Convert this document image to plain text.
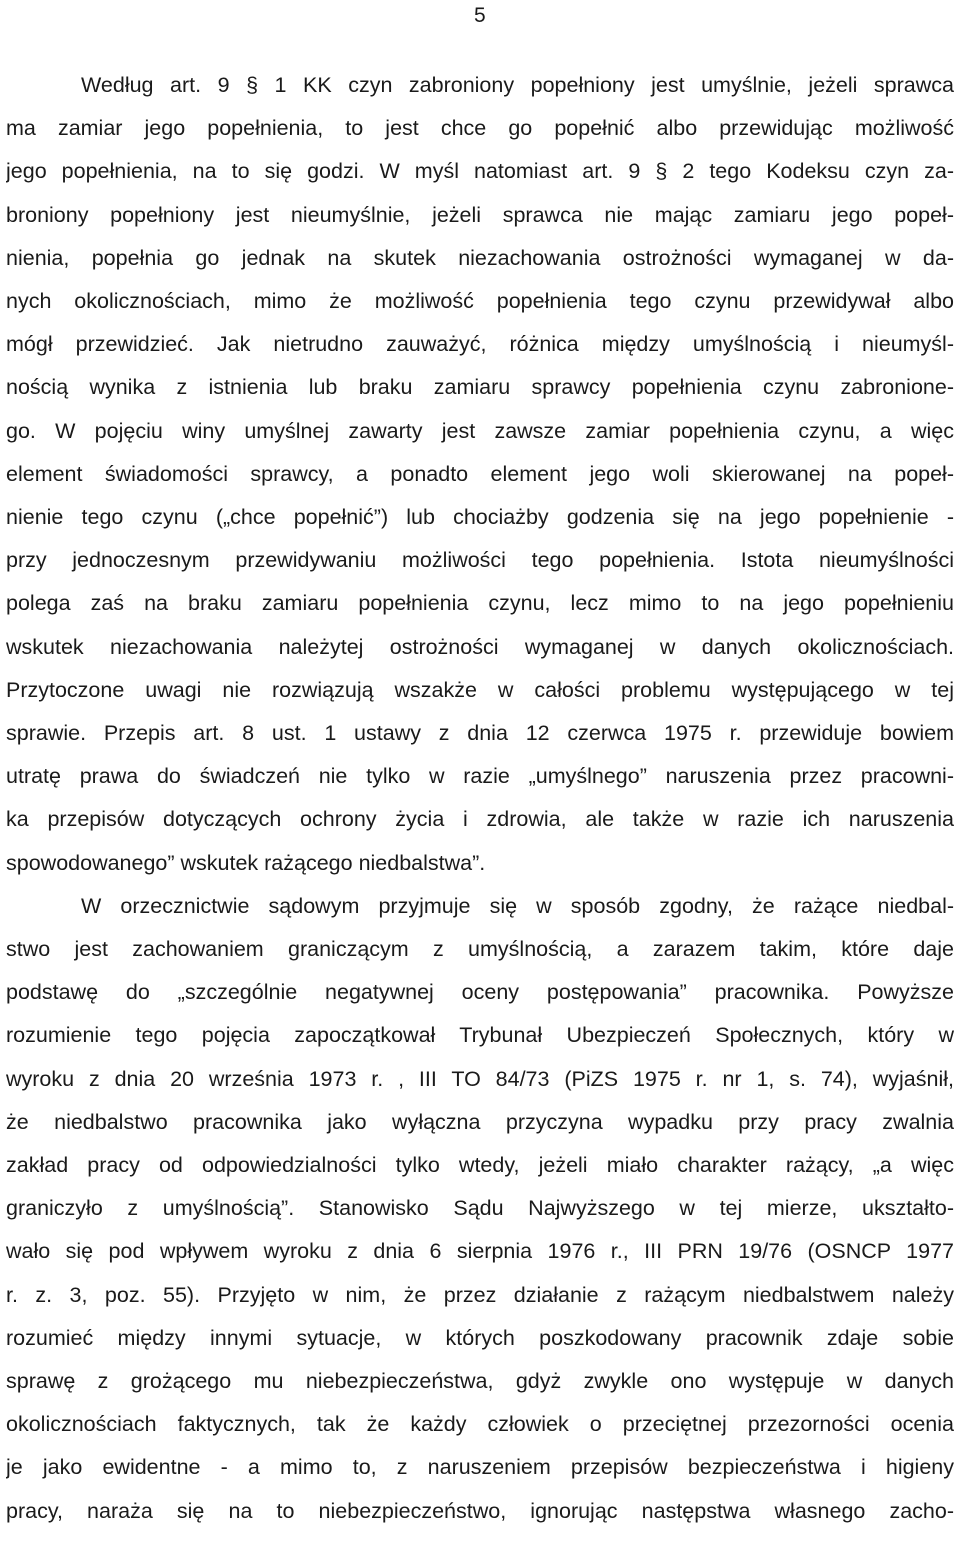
5
Według art. 9 § 1 KK czyn zabroniony popełniony jest umyślnie, jeżeli sprawca
ma zamiar jego popełnienia, to jest chce go popełnić albo przewidując możliwość
jego popełnienia, na to się godzi. W myśl natomiast art. 9 § 2 tego Kodeksu czyn za-
broniony popełniony jest nieumyślnie, jeżeli sprawca nie mając zamiaru jego popeł-
nienia, popełnia go jednak na skutek niezachowania ostrożności wymaganej w da-
nych okolicznościach, mimo że możliwość popełnienia tego czynu przewidywał albo
mógł przewidzieć. Jak nietrudno zauważyć, różnica między umyślnością i nieumyśl-
nością wynika z istnienia lub braku zamiaru sprawcy popełnienia czynu zabronione-
go. W pojęciu winy umyślnej zawarty jest zawsze zamiar popełnienia czynu, a więc
element świadomości sprawcy, a ponadto element jego woli skierowanej na popeł-
nienie tego czynu („chce popełnić”) lub chociażby godzenia się na jego popełnienie -
przy jednoczesnym przewidywaniu możliwości tego popełnienia. Istota nieumyślności
polega zaś na braku zamiaru popełnienia czynu, lecz mimo to na jego popełnieniu
wskutek niezachowania należytej ostrożności wymaganej w danych okolicznościach.
Przytoczone uwagi nie rozwiązują wszakże w całości problemu występującego w tej
sprawie. Przepis art. 8 ust. 1 ustawy z dnia 12 czerwca 1975 r. przewiduje bowiem
utratę prawa do świadczeń nie tylko w razie „umyślnego” naruszenia przez pracowni-
ka przepisów dotyczących ochrony życia i zdrowia, ale także w razie ich naruszenia
spowodowanego” wskutek rażącego niedbalstwa”.
W orzecznictwie sądowym przyjmuje się w sposób zgodny, że rażące niedbal-
stwo jest zachowaniem graniczącym z umyślnością, a zarazem takim, które daje
podstawę do „szczególnie negatywnej oceny postępowania” pracownika. Powyższe
rozumienie tego pojęcia zapoczątkował Trybunał Ubezpieczeń Społecznych, który w
wyroku z dnia 20 września 1973 r. , III TO 84/73 (PiZS 1975 r. nr 1, s. 74), wyjaśnił,
że niedbalstwo pracownika jako wyłączna przyczyna wypadku przy pracy zwalnia
zakład pracy od odpowiedzialności tylko wtedy, jeżeli miało charakter rażący, „a więc
graniczyło z umyślnością”. Stanowisko Sądu Najwyższego w tej mierze, ukształto-
wało się pod wpływem wyroku z dnia 6 sierpnia 1976 r., III PRN 19/76 (OSNCP 1977
r. z. 3, poz. 55). Przyjęto w nim, że przez działanie z rażącym niedbalstwem należy
rozumieć między innymi sytuacje, w których poszkodowany pracownik zdaje sobie
sprawę z grożącego mu niebezpieczeństwa, gdyż zwykle ono występuje w danych
okolicznościach faktycznych, tak że każdy człowiek o przeciętnej przezorności ocenia
je jako ewidentne - a mimo to, z naruszeniem przepisów bezpieczeństwa i higieny
pracy, naraża się na to niebezpieczeństwo, ignorując następstwa własnego zacho-
